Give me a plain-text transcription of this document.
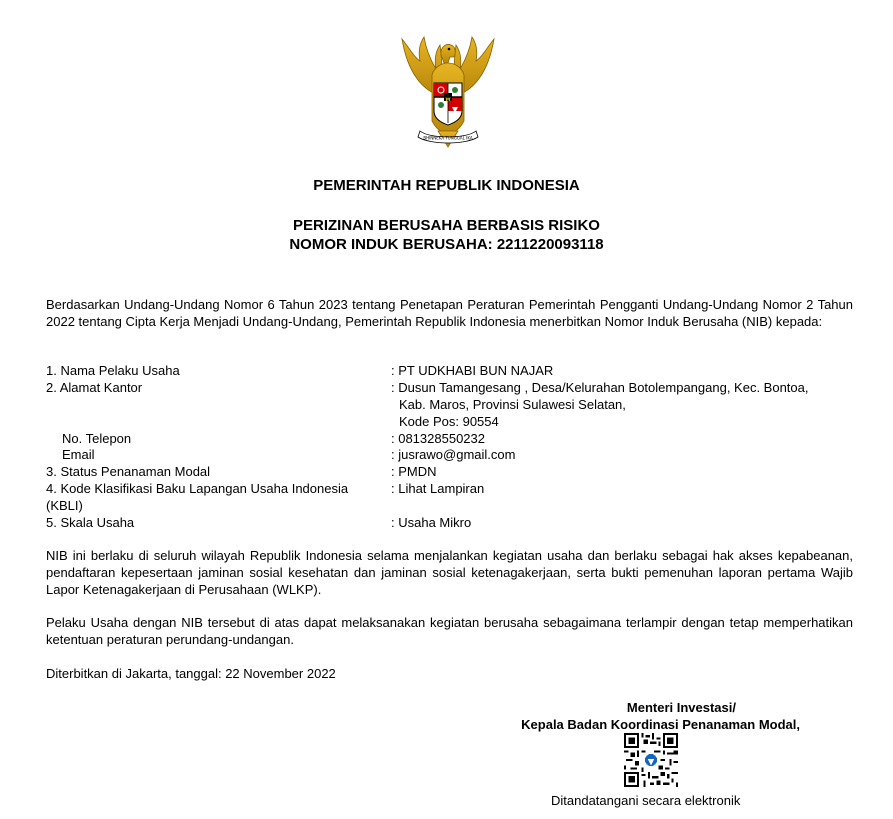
BHINNEKA TUNGGAL IKA
PEMERINTAH REPUBLIK INDONESIA
PERIZINAN BERUSAHA BERBASIS RISIKO
NOMOR INDUK BERUSAHA: 2211220093118
Berdasarkan Undang-Undang Nomor 6 Tahun 2023 tentang Penetapan Peraturan Pemerintah Pengganti Undang-Undang Nomor 2 Tahun 2022 tentang Cipta Kerja Menjadi Undang-Undang, Pemerintah Republik Indonesia menerbitkan Nomor Induk Berusaha (NIB) kepada:
1. Nama Pelaku Usaha	: PT UDKHABI BUN NAJAR
2. Alamat Kantor	: Dusun Tamangesang , Desa/Kelurahan Botolempangang, Kec. Bontoa,
Kab. Maros, Provinsi Sulawesi Selatan,
Kode Pos: 90554
No. Telepon	: 081328550232
Email	: jusrawo@gmail.com
3. Status Penanaman Modal	: PMDN
4. Kode Klasifikasi Baku Lapangan Usaha Indonesia (KBLI)
: Lihat Lampiran
5. Skala Usaha	: Usaha Mikro
NIB ini berlaku di seluruh wilayah Republik Indonesia selama menjalankan kegiatan usaha dan berlaku sebagai hak akses kepabeanan, pendaftaran kepesertaan jaminan sosial kesehatan dan jaminan sosial ketenagakerjaan, serta bukti pemenuhan laporan pertama Wajib Lapor Ketenagakerjaan di Perusahaan (WLKP).
Pelaku Usaha dengan NIB tersebut di atas dapat melaksanakan kegiatan berusaha sebagaimana terlampir dengan tetap memperhatikan ketentuan peraturan perundang-undangan.
Diterbitkan di Jakarta, tanggal: 22 November 2022
Menteri Investasi/
Kepala Badan Koordinasi Penanaman Modal,
Ditandatangani secara elektronik
